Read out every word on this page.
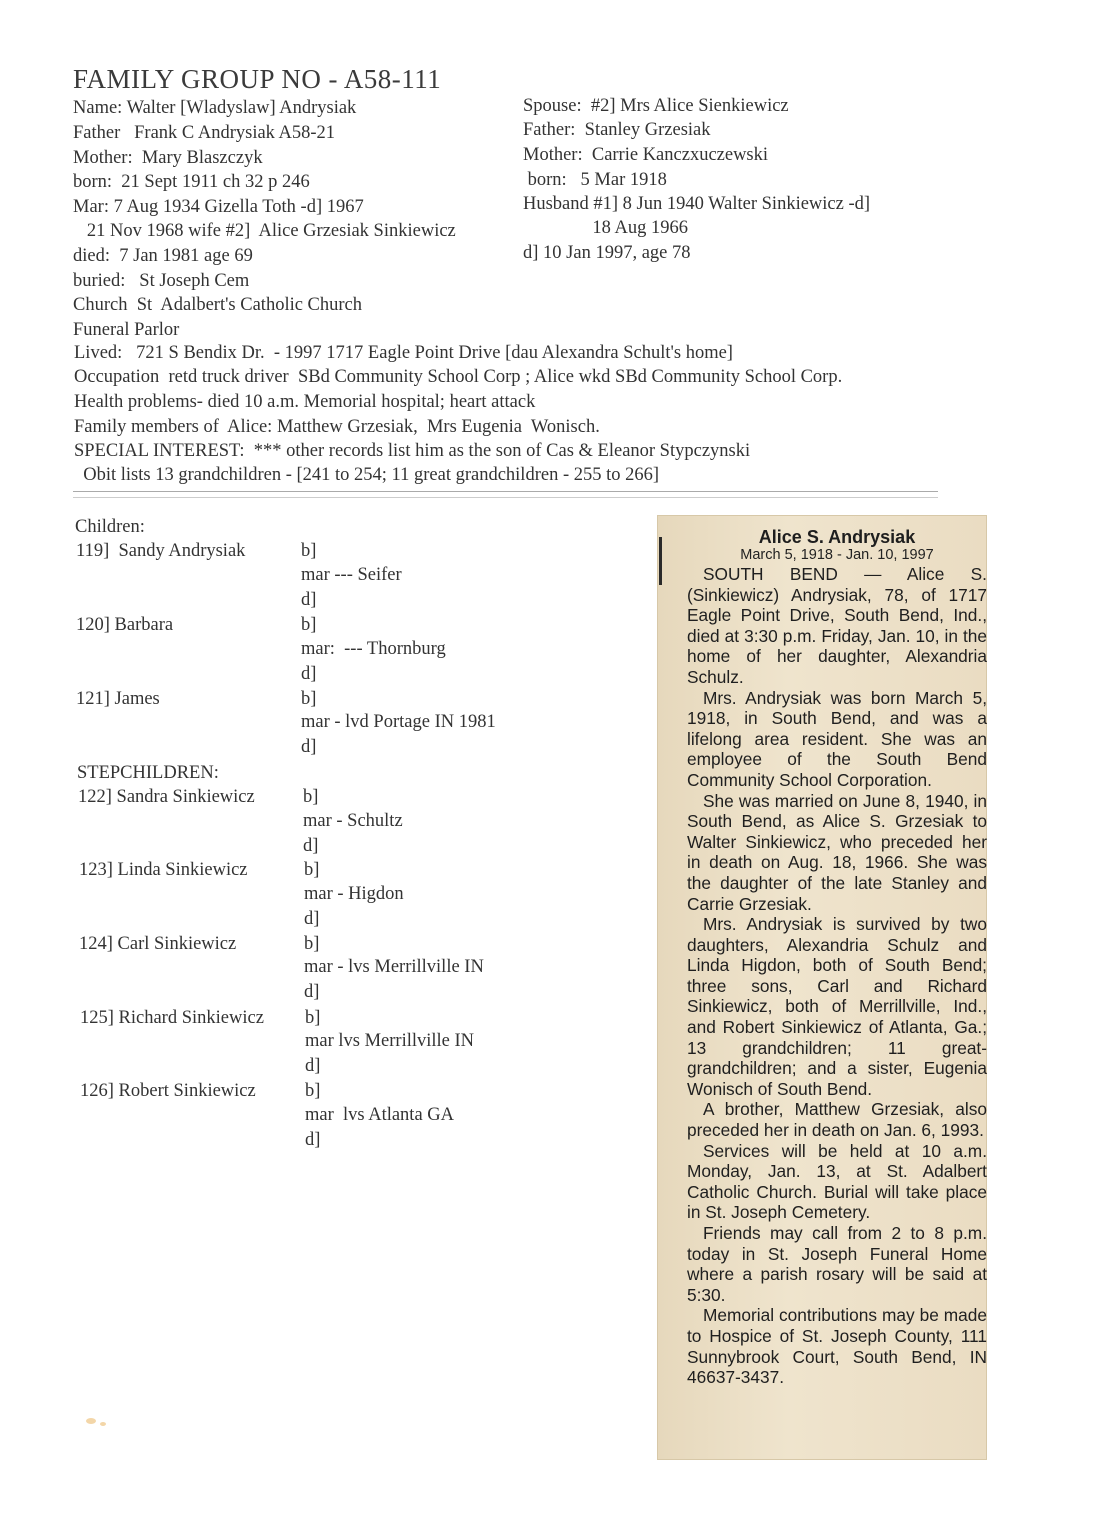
FAMILY GROUP NO - A58-111
Name: Walter [Wladyslaw] Andrysiak
Father   Frank C Andrysiak A58-21
Mother:  Mary Blaszczyk
born:  21 Sept 1911 ch 32 p 246
Mar: 7 Aug 1934 Gizella Toth -d] 1967
21 Nov 1968 wife #2]  Alice Grzesiak Sinkiewicz
died:  7 Jan 1981 age 69
buried:   St Joseph Cem
Church  St  Adalbert's Catholic Church
Funeral Parlor
Spouse:  #2] Mrs Alice Sienkiewicz
Father:  Stanley Grzesiak
Mother:  Carrie Kanczxuczewski
born:   5 Mar 1918
Husband #1] 8 Jun 1940 Walter Sinkiewicz -d]
18 Aug 1966
d] 10 Jan 1997, age 78
Lived:   721 S Bendix Dr.  - 1997 1717 Eagle Point Drive [dau Alexandra Schult's home]
Occupation  retd truck driver  SBd Community School Corp ; Alice wkd SBd Community School Corp.
Health problems- died 10 a.m. Memorial hospital; heart attack
Family members of  Alice: Matthew Grzesiak,  Mrs Eugenia  Wonisch.
SPECIAL INTEREST:  *** other records list him as the son of Cas & Eleanor Stypczynski
Obit lists 13 grandchildren - [241 to 254; 11 great grandchildren - 255 to 266]
Children:
119]  Sandy Andrysiak	b]
mar --- Seifer
d]
120] Barbara	b]
mar:  --- Thornburg
d]
121] James	b]
mar - lvd Portage IN 1981
d]
STEPCHILDREN:
122] Sandra Sinkiewicz	b]
mar - Schultz
d]
123] Linda Sinkiewicz	b]
mar - Higdon
d]
124] Carl Sinkiewicz	b]
mar - lvs Merrillville IN
d]
125] Richard Sinkiewicz b]
mar lvs Merrillville IN
d]
126] Robert Sinkiewicz	b]
mar  lvs Atlanta GA
d]
Alice S. Andrysiak
March 5, 1918 - Jan. 10, 1997

SOUTH BEND — Alice S. (Sinkiewicz) Andrysiak, 78, of 1717 Eagle Point Drive, South Bend, Ind., died at 3:30 p.m. Friday, Jan. 10, in the home of her daughter, Alexandria Schulz.

Mrs. Andrysiak was born March 5, 1918, in South Bend, and was a lifelong area resident. She was an employee of the South Bend Community School Corporation.

She was married on June 8, 1940, in South Bend, as Alice S. Grzesiak to Walter Sinkiewicz, who preceded her in death on Aug. 18, 1966. She was the daughter of the late Stanley and Carrie Grzesiak.

Mrs. Andrysiak is survived by two daughters, Alexandria Schulz and Linda Higdon, both of South Bend; three sons, Carl and Richard Sinkiewicz, both of Merrillville, Ind., and Robert Sinkiewicz of Atlanta, Ga.; 13 grandchildren; 11 great-grandchildren; and a sister, Eugenia Wonisch of South Bend.

A brother, Matthew Grzesiak, also preceded her in death on Jan. 6, 1993.

Services will be held at 10 a.m. Monday, Jan. 13, at St. Adalbert Catholic Church. Burial will take place in St. Joseph Cemetery.

Friends may call from 2 to 8 p.m. today in St. Joseph Funeral Home where a parish rosary will be said at 5:30.

Memorial contributions may be made to Hospice of St. Joseph County, 111 Sunnybrook Court, South Bend, IN 46637-3437.
